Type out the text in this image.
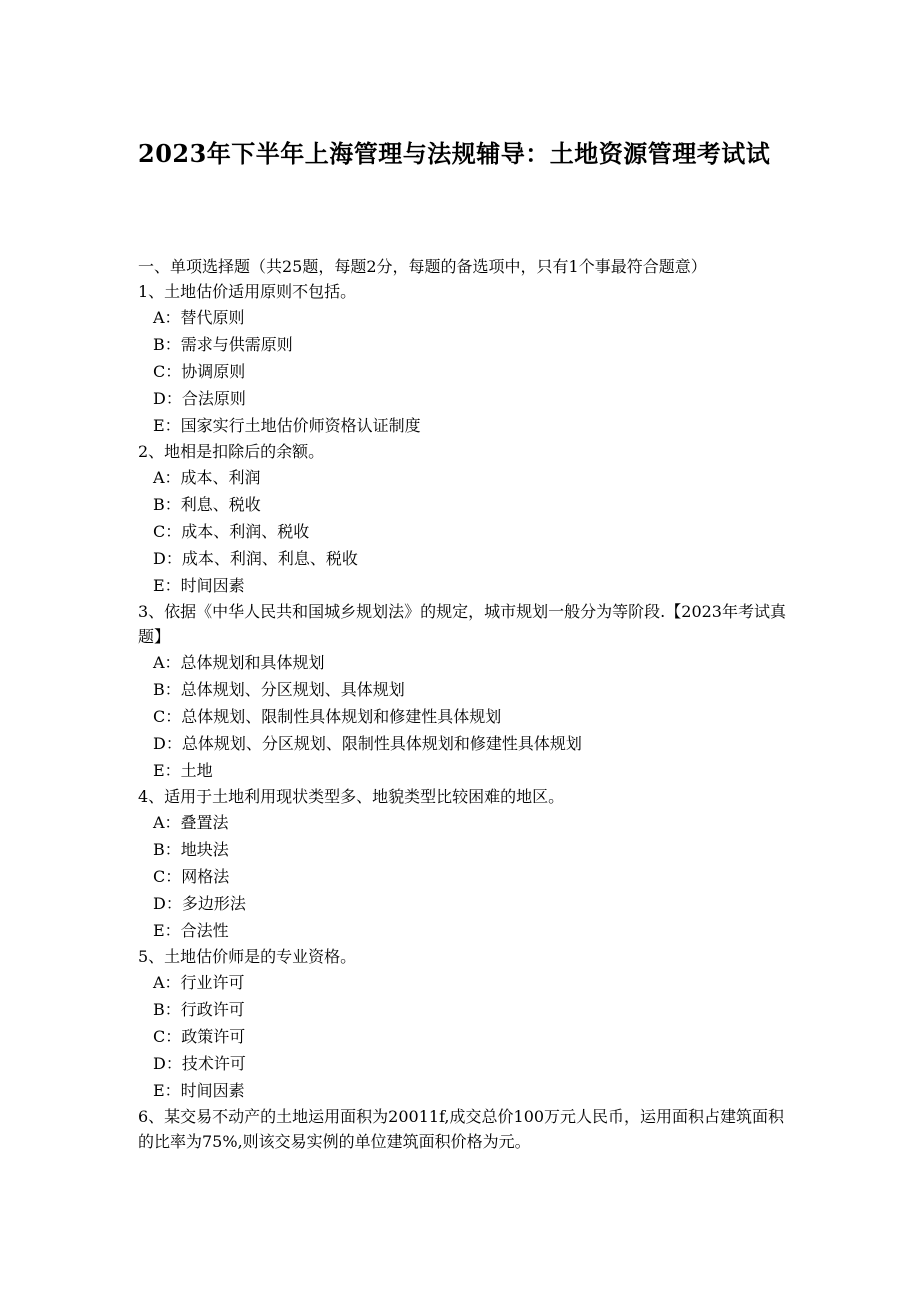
2023年下半年上海管理与法规辅导：土地资源管理考试试
一、单项选择题（共25题，每题2分，每题的备选项中，只有1个事最符合题意）
1、土地估价适用原则不包括。
A：替代原则
B：需求与供需原则
C：协调原则
D：合法原则
E：国家实行土地估价师资格认证制度
2、地相是扣除后的余额。
A：成本、利润
B：利息、税收
C：成本、利润、税收
D：成本、利润、利息、税收
E：时间因素
3、依据《中华人民共和国城乡规划法》的规定，城市规划一般分为等阶段.【2023年考试真题】
A：总体规划和具体规划
B：总体规划、分区规划、具体规划
C：总体规划、限制性具体规划和修建性具体规划
D：总体规划、分区规划、限制性具体规划和修建性具体规划
E：土地
4、适用于土地利用现状类型多、地貌类型比较困难的地区。
A：叠置法
B：地块法
C：网格法
D：多边形法
E：合法性
5、土地估价师是的专业资格。
A：行业许可
B：行政许可
C：政策许可
D：技术许可
E：时间因素
6、某交易不动产的土地运用面积为20011f,成交总价100万元人民币，运用面积占建筑面积的比率为75%,则该交易实例的单位建筑面积价格为元。
